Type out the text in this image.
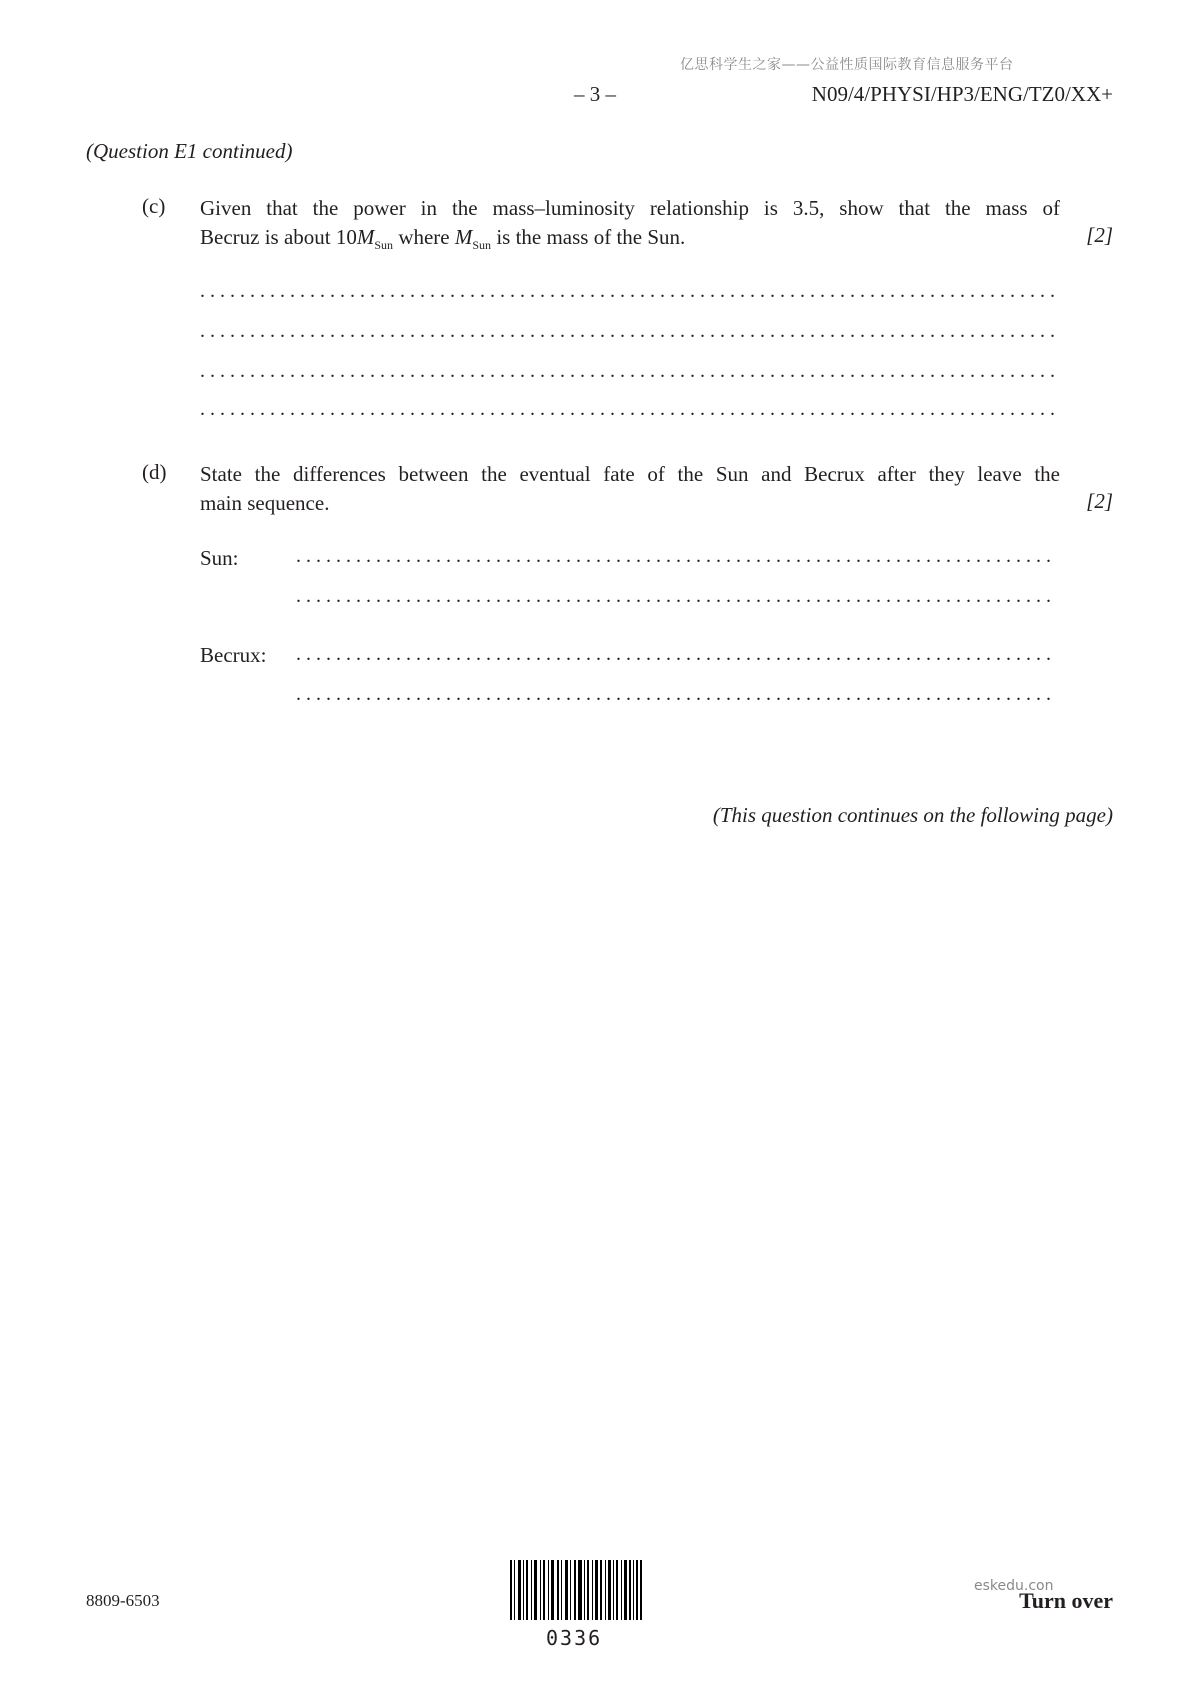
亿思科学生之家——公益性质国际教育信息服务平台
– 3 –	N09/4/PHYSI/HP3/ENG/TZ0/XX+
(Question E1 continued)
(c) Given that the power in the mass–luminosity relationship is 3.5, show that the mass of
Becruz is about $10M_{Sun}$ where $M_{Sun}$ is the mass of the Sun.	[2]
. . .
. . .
. . .
. . .
(d) State the differences between the eventual fate of the Sun and Becrux after they leave the
main sequence.	[2]
Sun:
. . .
. . .
Becrux:
. . .
. . .
(This question continues on the following page)
8809-6503
0336
eskedu.con
Turn over
